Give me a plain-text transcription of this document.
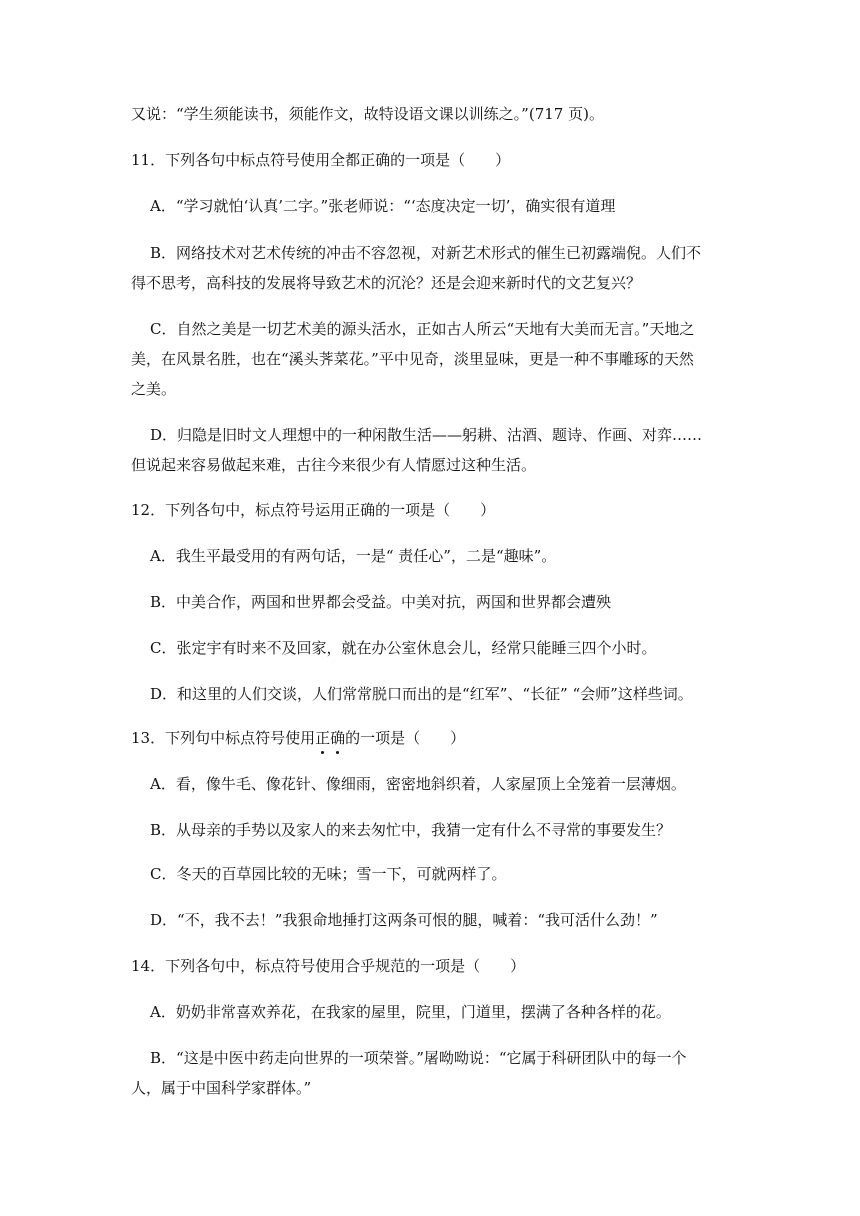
又说：“学生须能读书，须能作文，故特设语文课以训练之。”(717 页)。
11．下列各句中标点符号使用全都正确的一项是（　　）
A．“学习就怕‘认真’二字。”张老师说：“‘态度决定一切’，确实很有道理
B．网络技术对艺术传统的冲击不容忽视，对新艺术形式的催生已初露端倪。人们不
得不思考，高科技的发展将导致艺术的沉沦？还是会迎来新时代的文艺复兴？
C．自然之美是一切艺术美的源头活水，正如古人所云“天地有大美而无言。”天地之
美，在风景名胜，也在“溪头荠菜花。”平中见奇，淡里显味，更是一种不事雕琢的天然
之美。
D．归隐是旧时文人理想中的一种闲散生活——躬耕、沽酒、题诗、作画、对弈……
但说起来容易做起来难，古往今来很少有人情愿过这种生活。
12．下列各句中，标点符号运用正确的一项是（　　）
A．我生平最受用的有两句话，一是“ 责任心”，二是“趣味”。
B．中美合作，两国和世界都会受益。中美对抗，两国和世界都会遭殃
C．张定宇有时来不及回家，就在办公室休息会儿，经常只能睡三四个小时。
D．和这里的人们交谈，人们常常脱口而出的是“红军”、“长征” “会师”这样些词。
13．下列句中标点符号使用正确的一项是（　　）
A．看，像牛毛、像花针、像细雨，密密地斜织着，人家屋顶上全笼着一层薄烟。
B．从母亲的手势以及家人的来去匆忙中，我猜一定有什么不寻常的事要发生？
C．冬天的百草园比较的无味；雪一下，可就两样了。
D．“不，我不去！”我狠命地捶打这两条可恨的腿，喊着：“我可活什么劲！”
14．下列各句中，标点符号使用合乎规范的一项是（　　）
A．奶奶非常喜欢养花，在我家的屋里，院里，门道里，摆满了各种各样的花。
B．“这是中医中药走向世界的一项荣誉。”屠呦呦说：“它属于科研团队中的每一个
人，属于中国科学家群体。”
